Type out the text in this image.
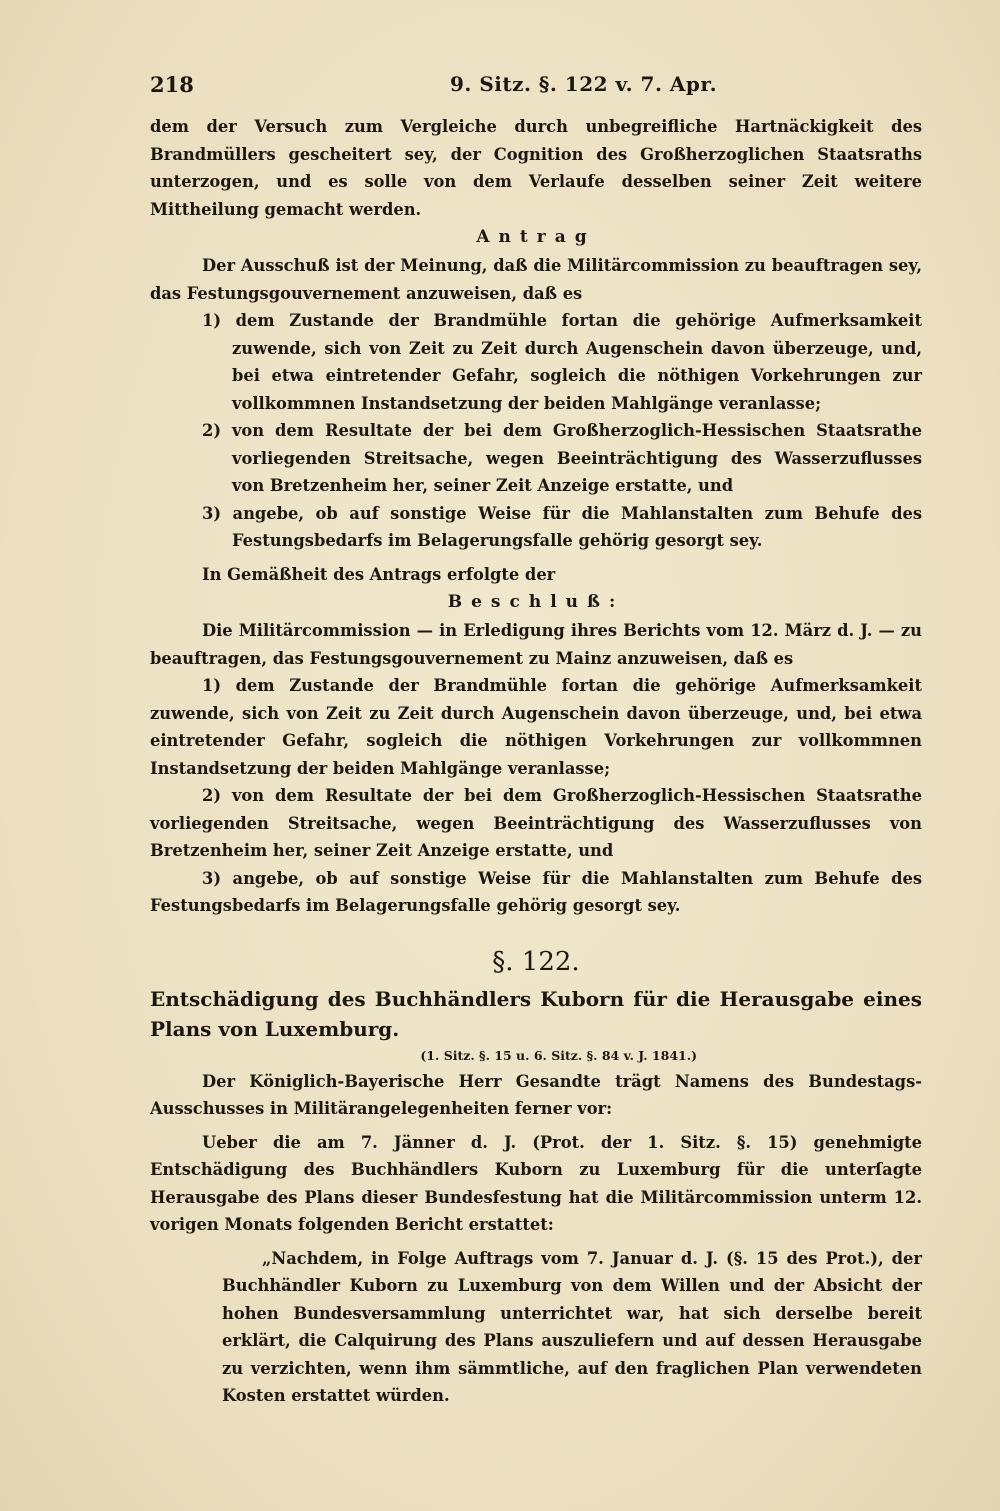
218	9. Sitz. §. 122 v. 7. Apr.

dem der Versuch zum Vergleiche durch unbegreifliche Hartnäckigkeit des Brandmüllers gescheitert sey, der Cognition des Großherzoglichen Staatsraths unterzogen, und es solle von dem Verlaufe desselben seiner Zeit weitere Mittheilung gemacht werden.

Antrag

Der Ausschuß ist der Meinung, daß die Militärcommission zu beauftragen sey, das Festungsgouvernement anzuweisen, daß es

1) dem Zustande der Brandmühle fortan die gehörige Aufmerksamkeit zuwende, sich von Zeit zu Zeit durch Augenschein davon überzeuge, und, bei etwa eintretender Gefahr, sogleich die nöthigen Vorkehrungen zur vollkommnen Instandsetzung der beiden Mahlgänge veranlasse;

2) von dem Resultate der bei dem Großherzoglich-Hessischen Staatsrathe vorliegenden Streitsache, wegen Beeinträchtigung des Wasserzuflusses von Bretzenheim her, seiner Zeit Anzeige erstatte, und

3) angebe, ob auf sonstige Weise für die Mahlanstalten zum Behufe des Festungsbedarfs im Belagerungsfalle gehörig gesorgt sey.

In Gemäßheit des Antrags erfolgte der

Beschluß:

Die Militärcommission — in Erledigung ihres Berichts vom 12. März d. J. — zu beauftragen, das Festungsgouvernement zu Mainz anzuweisen, daß es

1) dem Zustande der Brandmühle fortan die gehörige Aufmerksamkeit zuwende, sich von Zeit zu Zeit durch Augenschein davon überzeuge, und, bei etwa eintretender Gefahr, sogleich die nöthigen Vorkehrungen zur vollkommnen Instandsetzung der beiden Mahlgänge veranlasse;

2) von dem Resultate der bei dem Großherzoglich-Hessischen Staatsrathe vorliegenden Streitsache, wegen Beeinträchtigung des Wasserzuflusses von Bretzenheim her, seiner Zeit Anzeige erstatte, und

3) angebe, ob auf sonstige Weise für die Mahlanstalten zum Behufe des Festungsbedarfs im Belagerungsfalle gehörig gesorgt sey.

§. 122.

Entschädigung des Buchhändlers Kuborn für die Herausgabe eines Plans von Luxemburg.

(1. Sitz. §. 15 u. 6. Sitz. §. 84 v. J. 1841.)

Der Königlich-Bayerische Herr Gesandte trägt Namens des Bundestags-Ausschusses in Militärangelegenheiten ferner vor:

Ueber die am 7. Jänner d. J. (Prot. der 1. Sitz. §. 15) genehmigte Entschädigung des Buchhändlers Kuborn zu Luxemburg für die unterſagte Herausgabe des Plans dieser Bundesfestung hat die Militärcommission unterm 12. vorigen Monats folgenden Bericht erstattet:

„Nachdem, in Folge Auftrags vom 7. Januar d. J. (§. 15 des Prot.), der Buchhändler Kuborn zu Luxemburg von dem Willen und der Absicht der hohen Bundesversammlung unterrichtet war, hat sich derselbe bereit erklärt, die Calquirung des Plans auszuliefern und auf dessen Herausgabe zu verzichten, wenn ihm sämmtliche, auf den fraglichen Plan verwendeten Kosten erstattet würden.
